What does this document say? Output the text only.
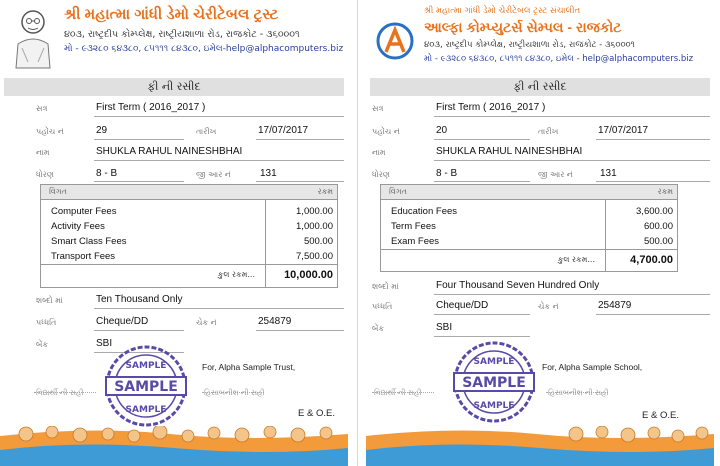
શ્રી મહાત્મા ગાંધી ડેમો ચેરીટેબલ ટ્રસ્ટ
૪૦૩, રાષ્ટ્રદીપ કોમ્પ્લેક્ષ, રાષ્ટ્રીયશાળા રોડ, રાજકોટ - ૩૬૦૦૦૧
મો - ૯૩૨૮૦ ૬૪૩૮૦, ૮૫૧૧૧ ૮૪૩૮૦, ઇમેલ-help@alphacomputers.biz
ફી ની રસીદ
સત્ર	First Term ( 2016_2017 )
પહોંચ નં	29	તારીખ	17/07/2017
નામ	SHUKLA RAHUL NAINESHBHAI
ધોરણ	8 - B	જી આર નં	131
વિગત	રકમ
Computer Fees	1,000.00
Activity Fees	1,000.00
Smart Class Fees	500.00
Transport Fees	7,500.00
કુલ રકમ...	10,000.00
શબ્દો માં	Ten Thousand Only
પધ્ધતિ	Cheque/DD	ચેક નં	254879
બેંક	SBI
SAMPLE
SAMPLE
SAMPLE
For, Alpha Sample Trust,
વિદ્યાર્થી ની સહી	હિસાબનીશ ની સહી
E & O.E.
શ્રી મહાત્મા ગાંધી ડેમો ચેરીટેબલ ટ્રસ્ટ સંચાલીત
આલ્ફા કોમ્પ્યુટર્સ સેમ્પલ - રાજકોટ
૪૦૩, રાષ્ટ્રદીપ કોમ્પ્લેક્ષ, રાષ્ટ્રીયશાળા રોડ, રાજકોટ - ૩૬૦૦૦૧
મો - ૯૩૨૮૦ ૬૪૩૮૦, ૮૫૧૧૧ ૮૪૩૮૦, ઇમેલ - help@alphacomputers.biz
ફી ની રસીદ
સત્ર	First Term ( 2016_2017 )
પહોંચ નં	20	તારીખ	17/07/2017
નામ	SHUKLA RAHUL NAINESHBHAI
ધોરણ	8 - B	જી આર નં	131
વિગત	રકમ
Education Fees	3,600.00
Term Fees	600.00
Exam Fees	500.00
કુલ રકમ...	4,700.00
શબ્દો માં	Four Thousand Seven Hundred Only
પધ્ધતિ	Cheque/DD	ચેક નં	254879
બેંક	SBI
SAMPLE
SAMPLE
SAMPLE
For, Alpha Sample School,
વિદ્યાર્થી ની સહી	હિસાબનીશ ની સહી
E & O.E.
